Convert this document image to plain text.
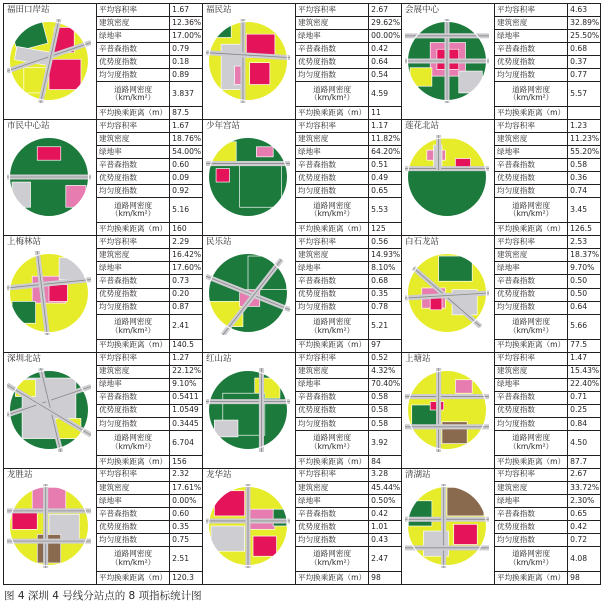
福田口岸站	平均容积率	1.67
建筑密度	12.36%
绿地率	17.00%
辛普森指数	0.79
优势度指数	0.18
均匀度指数	0.89
道路网密度（km/km²）	3.837
平均换乘距离（m）	87.5
福民站	平均容积率	2.67
建筑密度	29.62%
绿地率	00.00%
辛普森指数	0.42
优势度指数	0.64
均匀度指数	0.54
道路网密度（km/km²）	4.59
平均换乘距离（m）	11
会展中心	平均容积率	4.63
建筑密度	32.89%
绿地率	25.50%
辛普森指数	0.68
优势度指数	0.37
均匀度指数	0.77
道路网密度（km/km²）	5.57
平均换乘距离（m）	
市民中心站	平均容积率	1.67
建筑密度	18.76%
绿地率	54.00%
辛普森指数	0.60
优势度指数	0.09
均匀度指数	0.92
道路网密度（km/km²）	5.16
平均换乘距离（m）	160
少年宫站	平均容积率	1.17
建筑密度	11.82%
绿地率	64.20%
辛普森指数	0.51
优势度指数	0.49
均匀度指数	0.65
道路网密度（km/km²）	5.53
平均换乘距离（m）	125
莲花北站	平均容积率	1.23
建筑密度	11.23%
绿地率	55.20%
辛普森指数	0.58
优势度指数	0.36
均匀度指数	0.74
道路网密度（km/km²）	3.45
平均换乘距离（m）	126.5
上梅林站	平均容积率	2.29
建筑密度	16.42%
绿地率	17.60%
辛普森指数	0.73
优势度指数	0.20
均匀度指数	0.87
道路网密度（km/km²）	2.41
平均换乘距离（m）	140.5
民乐站	平均容积率	0.56
建筑密度	14.93%
绿地率	8.10%
辛普森指数	0.68
优势度指数	0.35
均匀度指数	0.78
道路网密度（km/km²）	5.21
平均换乘距离（m）	97
白石龙站	平均容积率	2.53
建筑密度	18.37%
绿地率	9.70%
辛普森指数	0.50
优势度指数	0.50
均匀度指数	0.64
道路网密度（km/km²）	5.66
平均换乘距离（m）	77.5
深圳北站	平均容积率	1.27
建筑密度	22.12%
绿地率	9.10%
辛普森指数	0.5411
优势度指数	1.0549
均匀度指数	0.3445
道路网密度（km/km²）	6.704
平均换乘距离（m）	156
红山站	平均容积率	0.52
建筑密度	4.32%
绿地率	70.40%
辛普森指数	0.58
优势度指数	0.58
均匀度指数	0.58
道路网密度（km/km²）	3.92
平均换乘距离（m）	84
上塘站	平均容积率	1.47
建筑密度	15.43%
绿地率	22.40%
辛普森指数	0.71
优势度指数	0.25
均匀度指数	0.84
道路网密度（km/km²）	4.50
平均换乘距离（m）	87.7
龙胜站	平均容积率	2.32
建筑密度	17.61%
绿地率	0.00%
辛普森指数	0.60
优势度指数	0.35
均匀度指数	0.75
道路网密度（km/km²）	2.51
平均换乘距离（m）	120.3
龙华站	平均容积率	3.28
建筑密度	45.44%
绿地率	0.50%
辛普森指数	0.42
优势度指数	1.01
均匀度指数	0.43
道路网密度（km/km²）	2.47
平均换乘距离（m）	98
清湖站	平均容积率	2.67
建筑密度	33.72%
绿地率	2.30%
辛普森指数	0.65
优势度指数	0.42
均匀度指数	0.72
道路网密度（km/km²）	4.08
平均换乘距离（m）	98
图 4 深圳 4 号线分站点的 8 项指标统计图
